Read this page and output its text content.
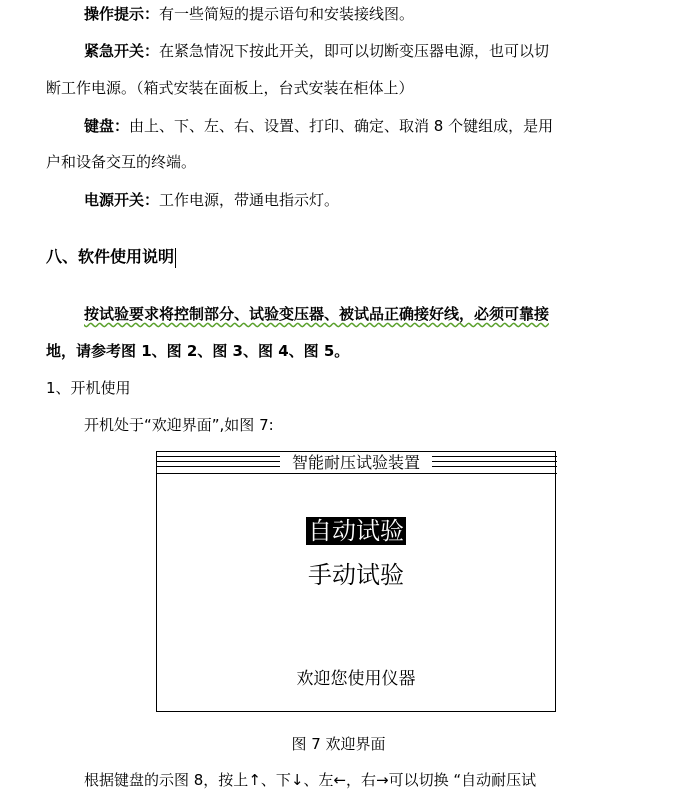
操作提示：有一些简短的提示语句和安装接线图。
紧急开关：在紧急情况下按此开关，即可以切断变压器电源，也可以切
断工作电源。（箱式安装在面板上，台式安装在柜体上）
键盘：由上、下、左、右、设置、打印、确定、取消 8 个键组成，是用
户和设备交互的终端。
电源开关：工作电源，带通电指示灯。
八、软件使用说明
按试验要求将控制部分、试验变压器、被试品正确接好线，必须可靠接
地，请参考图 1、图 2、图 3、图 4、图 5。
1、开机使用
开机处于“欢迎界面”,如图 7:
智能耐压试验装置
自动试验
手动试验
欢迎您使用仪器
图 7 欢迎界面
根据键盘的示图 8，按上↑、下↓、左←，右→可以切换 “自动耐压试
